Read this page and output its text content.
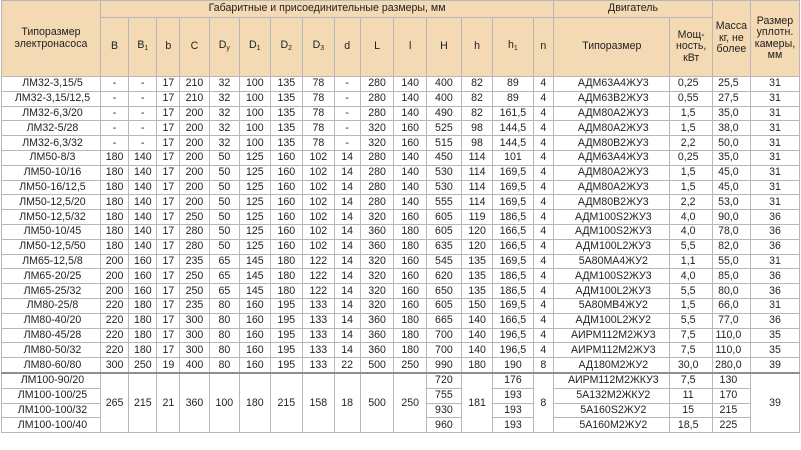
Типоразмер электронасоса	Габаритные и присоединительные размеры, мм															Двигатель		Масса кг, не более	Размер уплотн. камеры, мм
	B	$B_1$	b	C	$D_y$	$D_1$	$D_2$	$D_3$	d	L	l	H	h	$h_1$	n	Типоразмер	Мощ-ность, кВт		
ЛМ32-3,15/5	-	-	17	210	32	100	135	78	-	280	140	400	82	89	4	АДМ63А4ЖУ3	0,25	25,5	31
ЛМ32-3,15/12,5	-	-	17	210	32	100	135	78	-	280	140	400	82	89	4	АДМ63В2ЖУ3	0,55	27,5	31
ЛМ32-6,3/20	-	-	17	200	32	100	135	78	-	280	140	490	82	161,5	4	АДМ80А2ЖУ3	1,5	35,0	31
ЛМ32-5/28	-	-	17	200	32	100	135	78	-	320	160	525	98	144,5	4	АДМ80А2ЖУ3	1,5	38,0	31
ЛМ32-6,3/32	-	-	17	200	32	100	135	78	-	320	160	515	98	144,5	4	АДМ80В2ЖУ3	2,2	50,0	31
ЛМ50-8/3	180	140	17	200	50	125	160	102	14	280	140	450	114	101	4	АДМ63А4ЖУ3	0,25	35,0	31
ЛМ50-10/16	180	140	17	200	50	125	160	102	14	280	140	530	114	169,5	4	АДМ80А2ЖУ3	1,5	45,0	31
ЛМ50-16/12,5	180	140	17	200	50	125	160	102	14	280	140	530	114	169,5	4	АДМ80А2ЖУ3	1,5	45,0	31
ЛМ50-12,5/20	180	140	17	200	50	125	160	102	14	280	140	555	114	169,5	4	АДМ80В2ЖУ3	2,2	53,0	31
ЛМ50-12,5/32	180	140	17	250	50	125	160	102	14	320	160	605	119	186,5	4	АДМ100S2ЖУ3	4,0	90,0	36
ЛМ50-10/45	180	140	17	280	50	125	160	102	14	360	180	605	120	166,5	4	АДМ100S2ЖУ3	4,0	78,0	36
ЛМ50-12,5/50	180	140	17	280	50	125	160	102	14	360	180	635	120	166,5	4	АДМ100L2ЖУ3	5,5	82,0	36
ЛМ65-12,5/8	200	160	17	235	65	145	180	122	14	320	160	545	135	169,5	4	5А80МА4ЖУ2	1,1	55,0	31
ЛМ65-20/25	200	160	17	250	65	145	180	122	14	320	160	620	135	186,5	4	АДМ100S2ЖУ3	4,0	85,0	36
ЛМ65-25/32	200	160	17	250	65	145	180	122	14	320	160	650	135	186,5	4	АДМ100L2ЖУ3	5,5	80,0	36
ЛМ80-25/8	220	180	17	235	80	160	195	133	14	320	160	605	150	169,5	4	5А80МВ4ЖУ2	1,5	66,0	31
ЛМ80-40/20	220	180	17	300	80	160	195	133	14	360	180	665	140	166,5	4	АДМ100L2ЖУ2	5,5	77,0	36
ЛМ80-45/28	220	180	17	300	80	160	195	133	14	360	180	700	140	196,5	4	АИРМ112М2ЖУ3	7,5	110,0	35
ЛМ80-50/32	220	180	17	300	80	160	195	133	14	360	180	700	140	196,5	4	АИРМ112М2ЖУ3	7,5	110,0	35
ЛМ80-60/80	300	250	19	400	80	160	195	133	22	500	250	990	180	190	8	АД180М2ЖУ2	30,0	280,0	39
ЛМ100-90/20	265	215	21	360	100	180	215	158	18	500	250	720	181	176	8	АИРМ112М2ЖКУ3	7,5	130	39
ЛМ100-100/25												755		193		5А132М2ЖКУ2	11	170	
ЛМ100-100/32												930		193		5А160S2ЖУ2	15	215	
ЛМ100-100/40												960		193		5А160М2ЖУ2	18,5	225	
